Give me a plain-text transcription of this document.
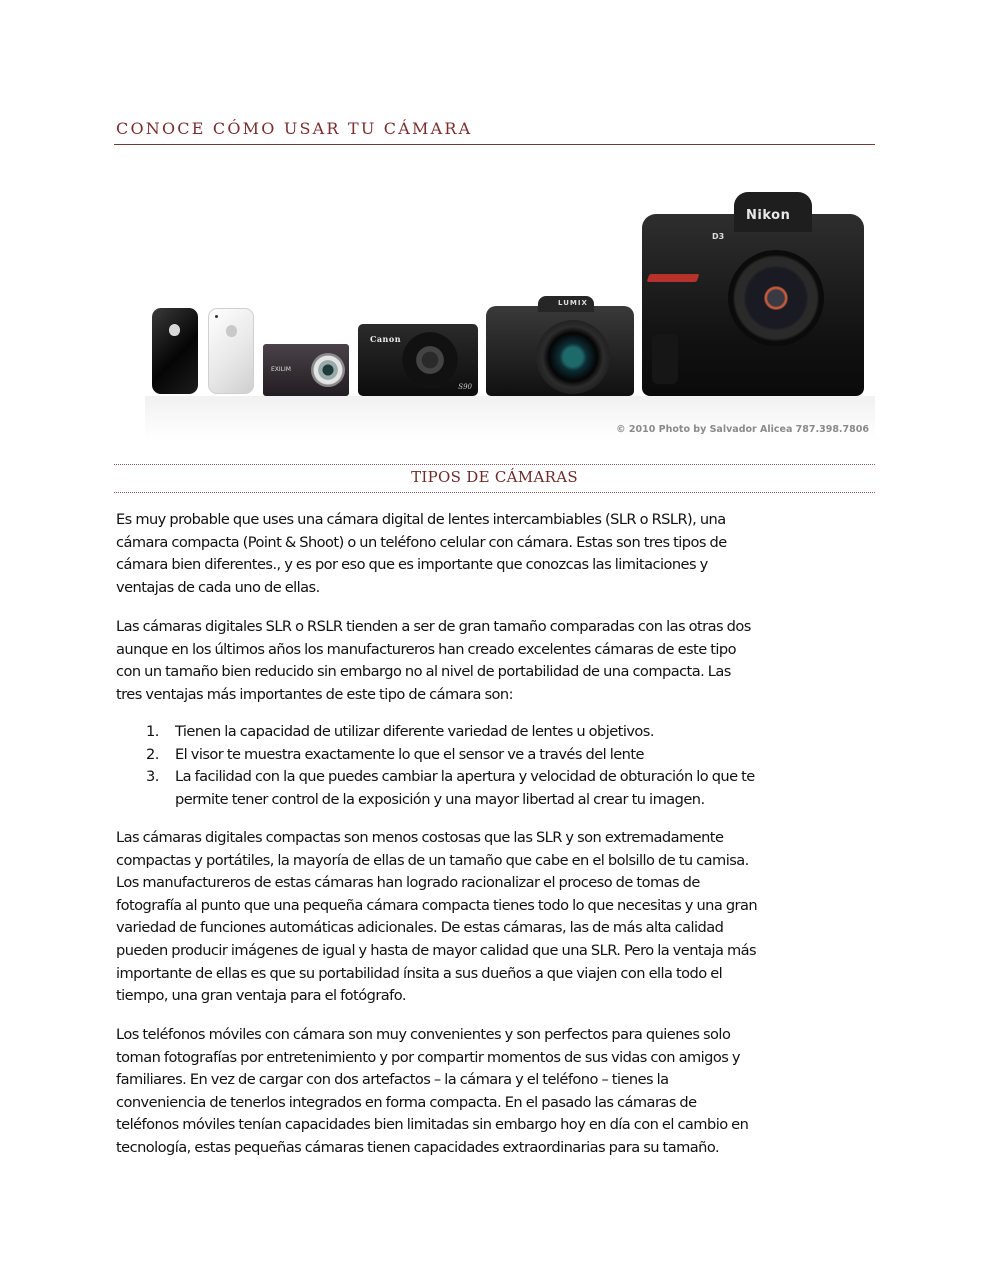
CONOCE CÓMO USAR TU CÁMARA
EXILIM
Canon
S90
LUMIX
Nikon
D3
© 2010 Photo by Salvador Alicea 787.398.7806
TIPOS DE CÁMARAS

Es muy probable que uses una cámara digital de lentes intercambiables (SLR o RSLR), una
cámara compacta (Point & Shoot) o un teléfono celular con cámara. Estas son tres tipos de
cámara bien diferentes., y es por eso que es importante que conozcas las limitaciones y
ventajas de cada uno de ellas.

Las cámaras digitales SLR o RSLR tienden a ser de gran tamaño comparadas con las otras dos
aunque en los últimos años los manufactureros han creado excelentes cámaras de este tipo
con un tamaño bien reducido sin embargo no al nivel de portabilidad de una compacta. Las
tres ventajas más importantes de este tipo de cámara son:

1. Tienen la capacidad de utilizar diferente variedad de lentes u objetivos.
2. El visor te muestra exactamente lo que el sensor ve a través del lente
3. La facilidad con la que puedes cambiar la apertura y velocidad de obturación lo que te
permite tener control de la exposición y una mayor libertad al crear tu imagen.

Las cámaras digitales compactas son menos costosas que las SLR y son extremadamente
compactas y portátiles, la mayoría de ellas de un tamaño que cabe en el bolsillo de tu camisa.
Los manufactureros de estas cámaras han logrado racionalizar el proceso de tomas de
fotografía al punto que una pequeña cámara compacta tienes todo lo que necesitas y una gran
variedad de funciones automáticas adicionales. De estas cámaras, las de más alta calidad
pueden producir imágenes de igual y hasta de mayor calidad que una SLR. Pero la ventaja más
importante de ellas es que su portabilidad ínsita a sus dueños a que viajen con ella todo el
tiempo, una gran ventaja para el fotógrafo.

Los teléfonos móviles con cámara son muy convenientes y son perfectos para quienes solo
toman fotografías por entretenimiento y por compartir momentos de sus vidas con amigos y
familiares. En vez de cargar con dos artefactos – la cámara y el teléfono – tienes la
conveniencia de tenerlos integrados en forma compacta. En el pasado las cámaras de
teléfonos móviles tenían capacidades bien limitadas sin embargo hoy en día con el cambio en
tecnología, estas pequeñas cámaras tienen capacidades extraordinarias para su tamaño.
